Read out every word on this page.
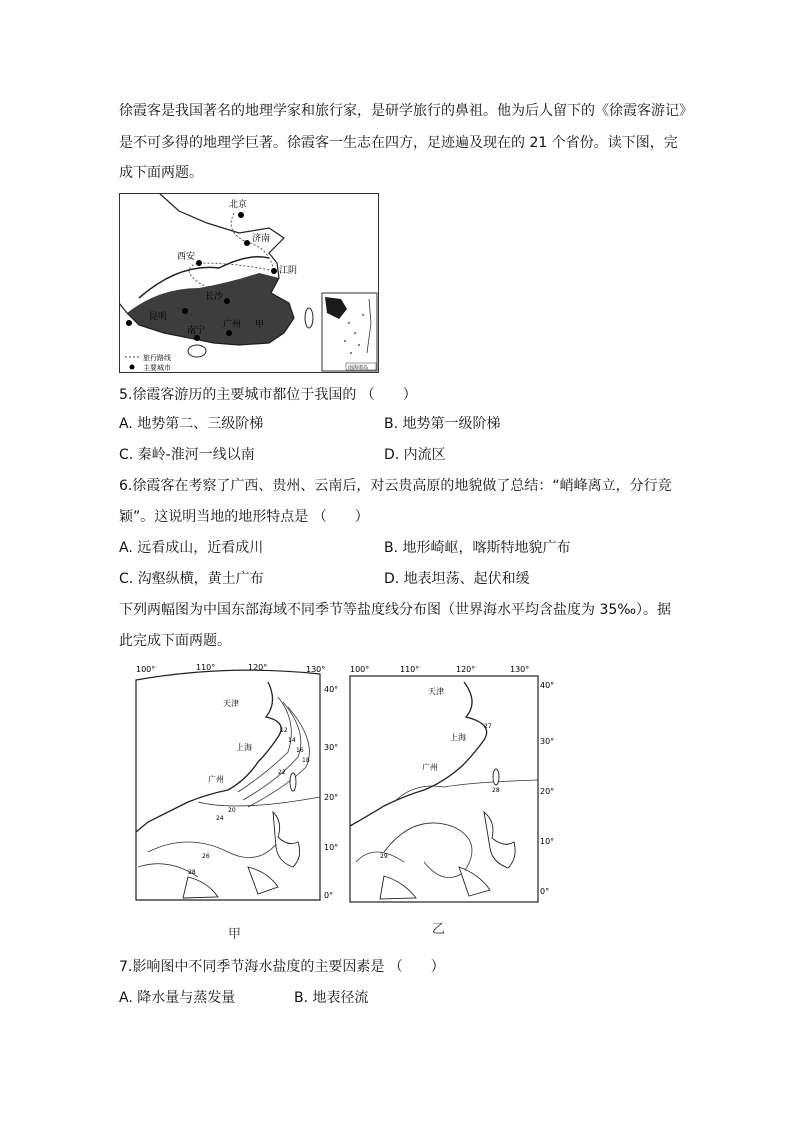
徐霞客是我国著名的地理学家和旅行家，是研学旅行的鼻祖。他为后人留下的《徐霞客游记》
是不可多得的地理学巨著。徐霞客一生志在四方，足迹遍及现在的 21 个省份。读下图，完
成下面两题。
北京
济南
西安
江阴
长沙
昆明
南宁
广州 甲
旅行路线
主要城市	南海诸岛
5.徐霞客游历的主要城市都位于我国的 （　　）
A. 地势第二、三级阶梯	B. 地势第一级阶梯
C. 秦岭-淮河一线以南	D. 内流区
6.徐霞客在考察了广西、贵州、云南后，对云贵高原的地貌做了总结：“峭峰离立，分行竞
颖”。这说明当地的地形特点是 （　　）
A. 远看成山，近看成川	B. 地形崎岖，喀斯特地貌广布
C. 沟壑纵横，黄土广布	D. 地表坦荡、起伏和缓
下列两幅图为中国东部海域不同季节等盐度线分布图（世界海水平均含盐度为 35‰）。据
此完成下面两题。
100°	110°	120°	130°
40°
30°
20°
10°
0°
天津
上海
广州
12
14
16
18
20
22
24
26
28
甲
100°	110°	120°	130°
40°
30°
20°
10°
0°
天津
上海
广州
27
28
29
乙
7.影响图中不同季节海水盐度的主要因素是 （　　）
A. 降水量与蒸发量	B. 地表径流
